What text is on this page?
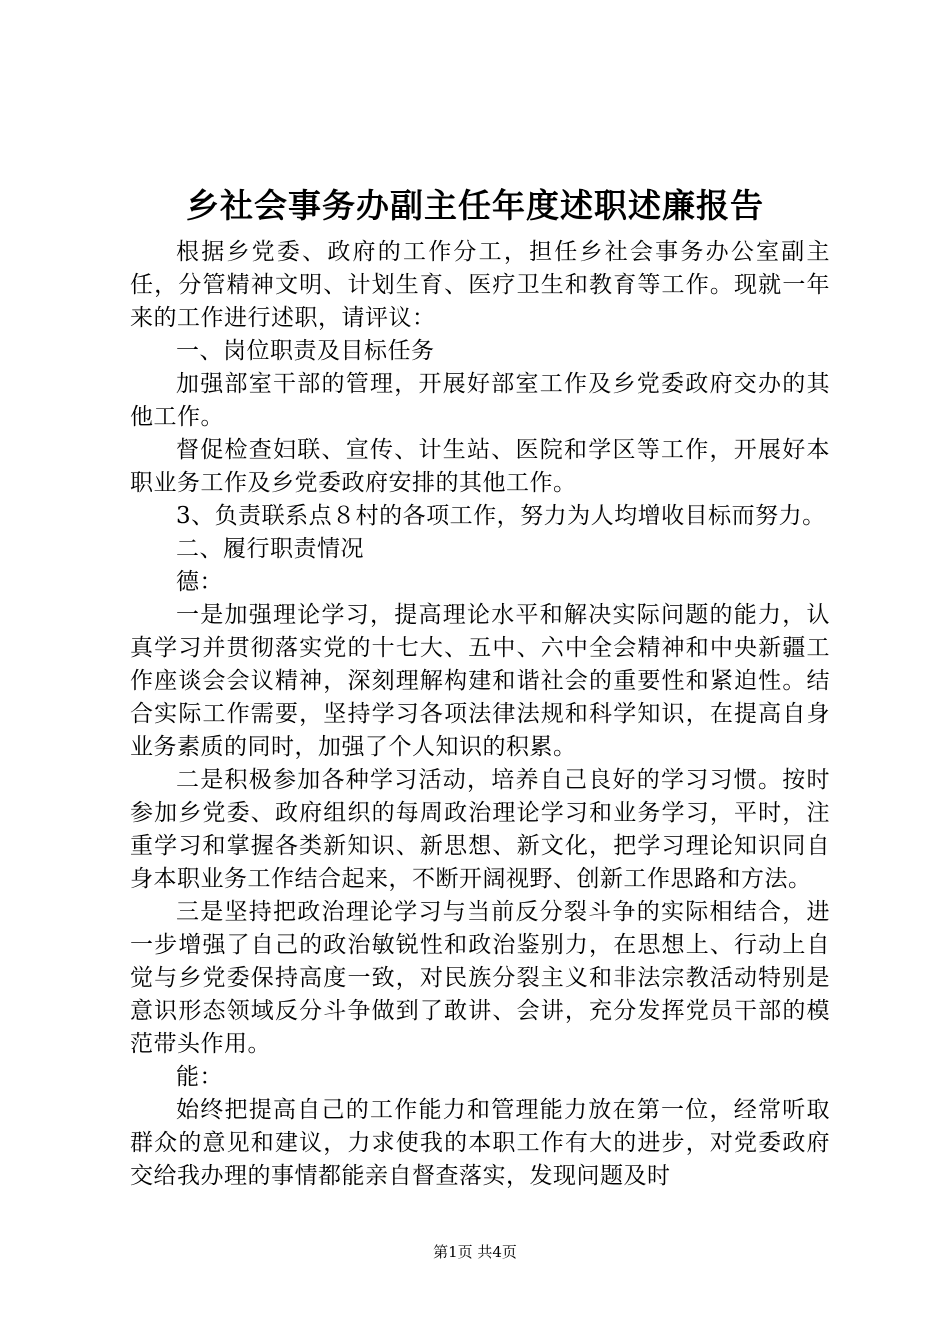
乡社会事务办副主任年度述职述廉报告

根据乡党委、政府的工作分工，担任乡社会事务办公室副主任，分管精神文明、计划生育、医疗卫生和教育等工作。现就一年来的工作进行述职，请评议：

一、岗位职责及目标任务

加强部室干部的管理，开展好部室工作及乡党委政府交办的其他工作。

督促检查妇联、宣传、计生站、医院和学区等工作，开展好本职业务工作及乡党委政府安排的其他工作。

3、负责联系点８村的各项工作，努力为人均增收目标而努力。

二、履行职责情况

德：

一是加强理论学习，提高理论水平和解决实际问题的能力，认真学习并贯彻落实党的十七大、五中、六中全会精神和中央新疆工作座谈会会议精神，深刻理解构建和谐社会的重要性和紧迫性。结合实际工作需要，坚持学习各项法律法规和科学知识，在提高自身业务素质的同时，加强了个人知识的积累。

二是积极参加各种学习活动，培养自己良好的学习习惯。按时参加乡党委、政府组织的每周政治理论学习和业务学习，平时，注重学习和掌握各类新知识、新思想、新文化，把学习理论知识同自身本职业务工作结合起来，不断开阔视野、创新工作思路和方法。

三是坚持把政治理论学习与当前反分裂斗争的实际相结合，进一步增强了自己的政治敏锐性和政治鉴别力，在思想上、行动上自觉与乡党委保持高度一致，对民族分裂主义和非法宗教活动特别是意识形态领域反分斗争做到了敢讲、会讲，充分发挥党员干部的模范带头作用。

能：

始终把提高自己的工作能力和管理能力放在第一位，经常听取群众的意见和建议，力求使我的本职工作有大的进步，对党委政府交给我办理的事情都能亲自督查落实，发现问题及时

第1页 共4页
